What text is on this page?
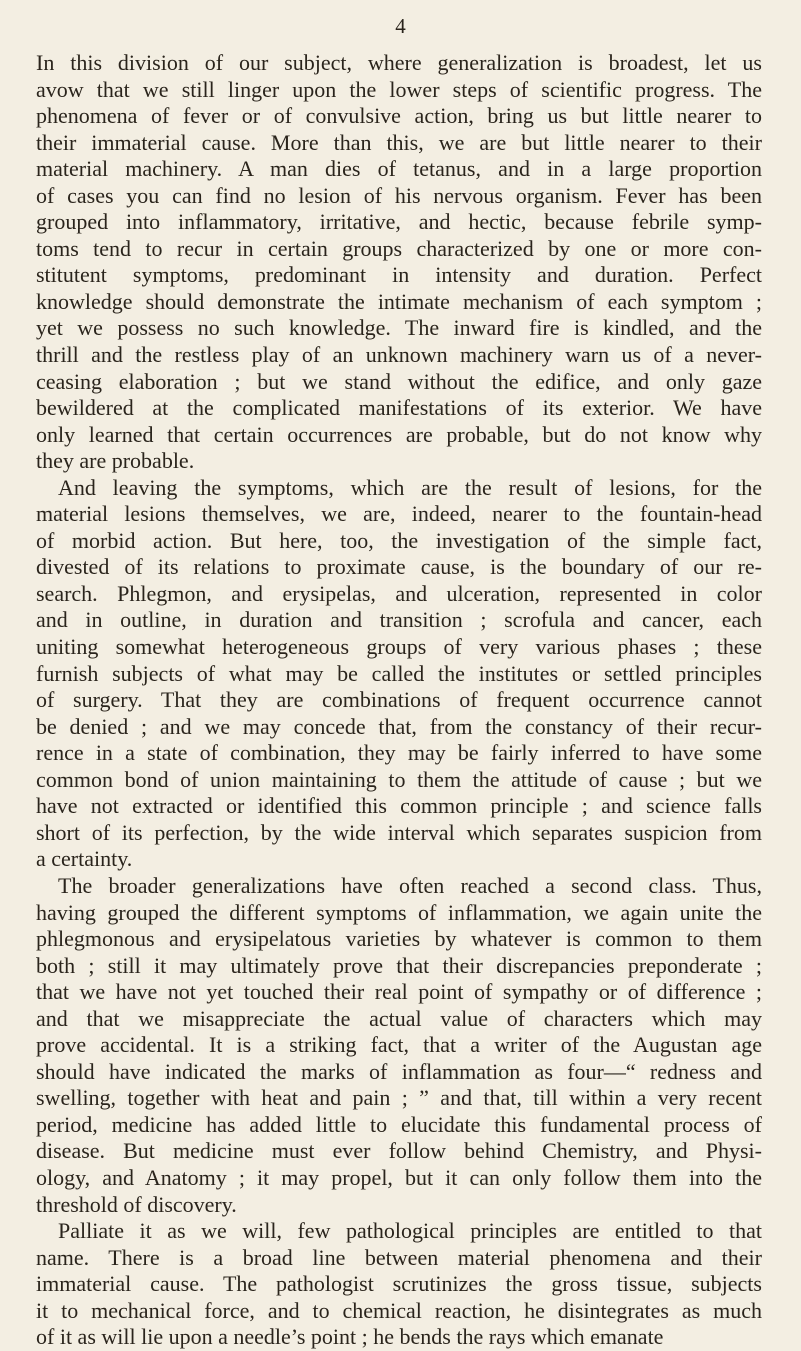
4
In this division of our subject, where generalization is broadest, let us
avow that we still linger upon the lower steps of scientific progress. The
phenomena of fever or of convulsive action, bring us but little nearer to
their immaterial cause. More than this, we are but little nearer to their
material machinery. A man dies of tetanus, and in a large proportion
of cases you can find no lesion of his nervous organism. Fever has been
grouped into inflammatory, irritative, and hectic, because febrile symp-
toms tend to recur in certain groups characterized by one or more con-
stitutent symptoms, predominant in intensity and duration. Perfect
knowledge should demonstrate the intimate mechanism of each symptom ;
yet we possess no such knowledge. The inward fire is kindled, and the
thrill and the restless play of an unknown machinery warn us of a never-
ceasing elaboration ; but we stand without the edifice, and only gaze
bewildered at the complicated manifestations of its exterior. We have
only learned that certain occurrences are probable, but do not know why
they are probable.
And leaving the symptoms, which are the result of lesions, for the
material lesions themselves, we are, indeed, nearer to the fountain-head
of morbid action. But here, too, the investigation of the simple fact,
divested of its relations to proximate cause, is the boundary of our re-
search. Phlegmon, and erysipelas, and ulceration, represented in color
and in outline, in duration and transition ; scrofula and cancer, each
uniting somewhat heterogeneous groups of very various phases ; these
furnish subjects of what may be called the institutes or settled principles
of surgery. That they are combinations of frequent occurrence cannot
be denied ; and we may concede that, from the constancy of their recur-
rence in a state of combination, they may be fairly inferred to have some
common bond of union maintaining to them the attitude of cause ; but we
have not extracted or identified this common principle ; and science falls
short of its perfection, by the wide interval which separates suspicion from
a certainty.
The broader generalizations have often reached a second class. Thus,
having grouped the different symptoms of inflammation, we again unite the
phlegmonous and erysipelatous varieties by whatever is common to them
both ; still it may ultimately prove that their discrepancies preponderate ;
that we have not yet touched their real point of sympathy or of difference ;
and that we misappreciate the actual value of characters which may
prove accidental. It is a striking fact, that a writer of the Augustan age
should have indicated the marks of inflammation as four—“ redness and
swelling, together with heat and pain ; ” and that, till within a very recent
period, medicine has added little to elucidate this fundamental process of
disease. But medicine must ever follow behind Chemistry, and Physi-
ology, and Anatomy ; it may propel, but it can only follow them into the
threshold of discovery.
Palliate it as we will, few pathological principles are entitled to that
name. There is a broad line between material phenomena and their
immaterial cause. The pathologist scrutinizes the gross tissue, subjects
it to mechanical force, and to chemical reaction, he disintegrates as much
of it as will lie upon a needle’s point ; he bends the rays which emanate
